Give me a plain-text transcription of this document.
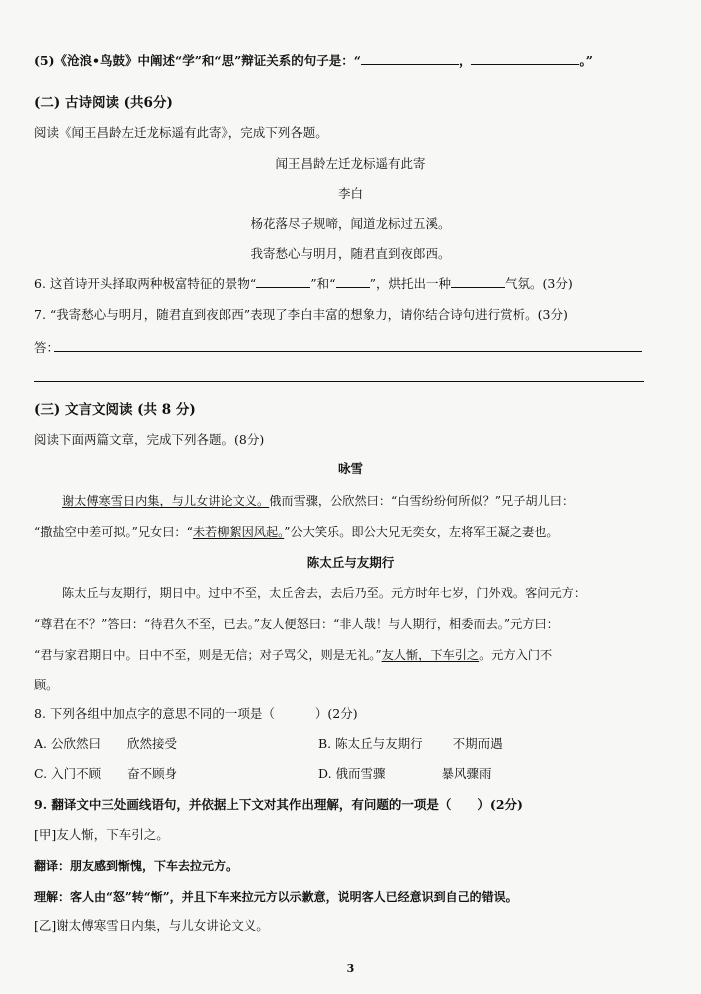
(5)《沧浪•鸟鼓》中阐述“学”和“思”辩证关系的句子是：“	，	。”
(二) 古诗阅读 (共6分)
阅读《闻王昌龄左迁龙标遥有此寄》，完成下列各题。
闻王昌龄左迁龙标遥有此寄
李白
杨花落尽子规啼，闻道龙标过五溪。
我寄愁心与明月，随君直到夜郎西。
6. 这首诗开头择取两种极富特征的景物“	”和“	”，烘托出一种	气氛。(3分)
7. “我寄愁心与明月，随君直到夜郎西”表现了李白丰富的想象力，请你结合诗句进行赏析。(3分)
答：
(三) 文言文阅读 (共 8 分)
阅读下面两篇文章，完成下列各题。(8分)
咏雪
谢太傅寒雪日内集，与儿女讲论文义。俄而雪骤，公欣然曰：“白雪纷纷何所似？”兄子胡儿曰：
“撒盐空中差可拟。”兄女曰：“未若柳絮因风起。”公大笑乐。即公大兄无奕女，左将军王凝之妻也。
陈太丘与友期行
陈太丘与友期行，期日中。过中不至，太丘舍去，去后乃至。元方时年七岁，门外戏。客问元方：
“尊君在不？”答曰：“待君久不至，已去。”友人便怒曰：“非人哉！与人期行，相委而去。”元方曰：
“君与家君期日中。日中不至，则是无信；对子骂父，则是无礼。”友人惭，下车引之。元方入门不
顾。
8. 下列各组中加点字的意思不同的一项是（	）(2分)
A. 公欣然曰 欣然接受	B. 陈太丘与友期行 不期而遇
C. 入门不顾 奋不顾身	D. 俄而雪骤	暴风骤雨
9. 翻译文中三处画线语句，并依据上下文对其作出理解，有问题的一项是（ ）(2分)
[甲]友人惭，下车引之。
翻译：朋友感到惭愧，下车去拉元方。
理解：客人由“怒”转“惭”，并且下车来拉元方以示歉意，说明客人已经意识到自己的错误。
[乙]谢太傅寒雪日内集，与儿女讲论文义。
3
